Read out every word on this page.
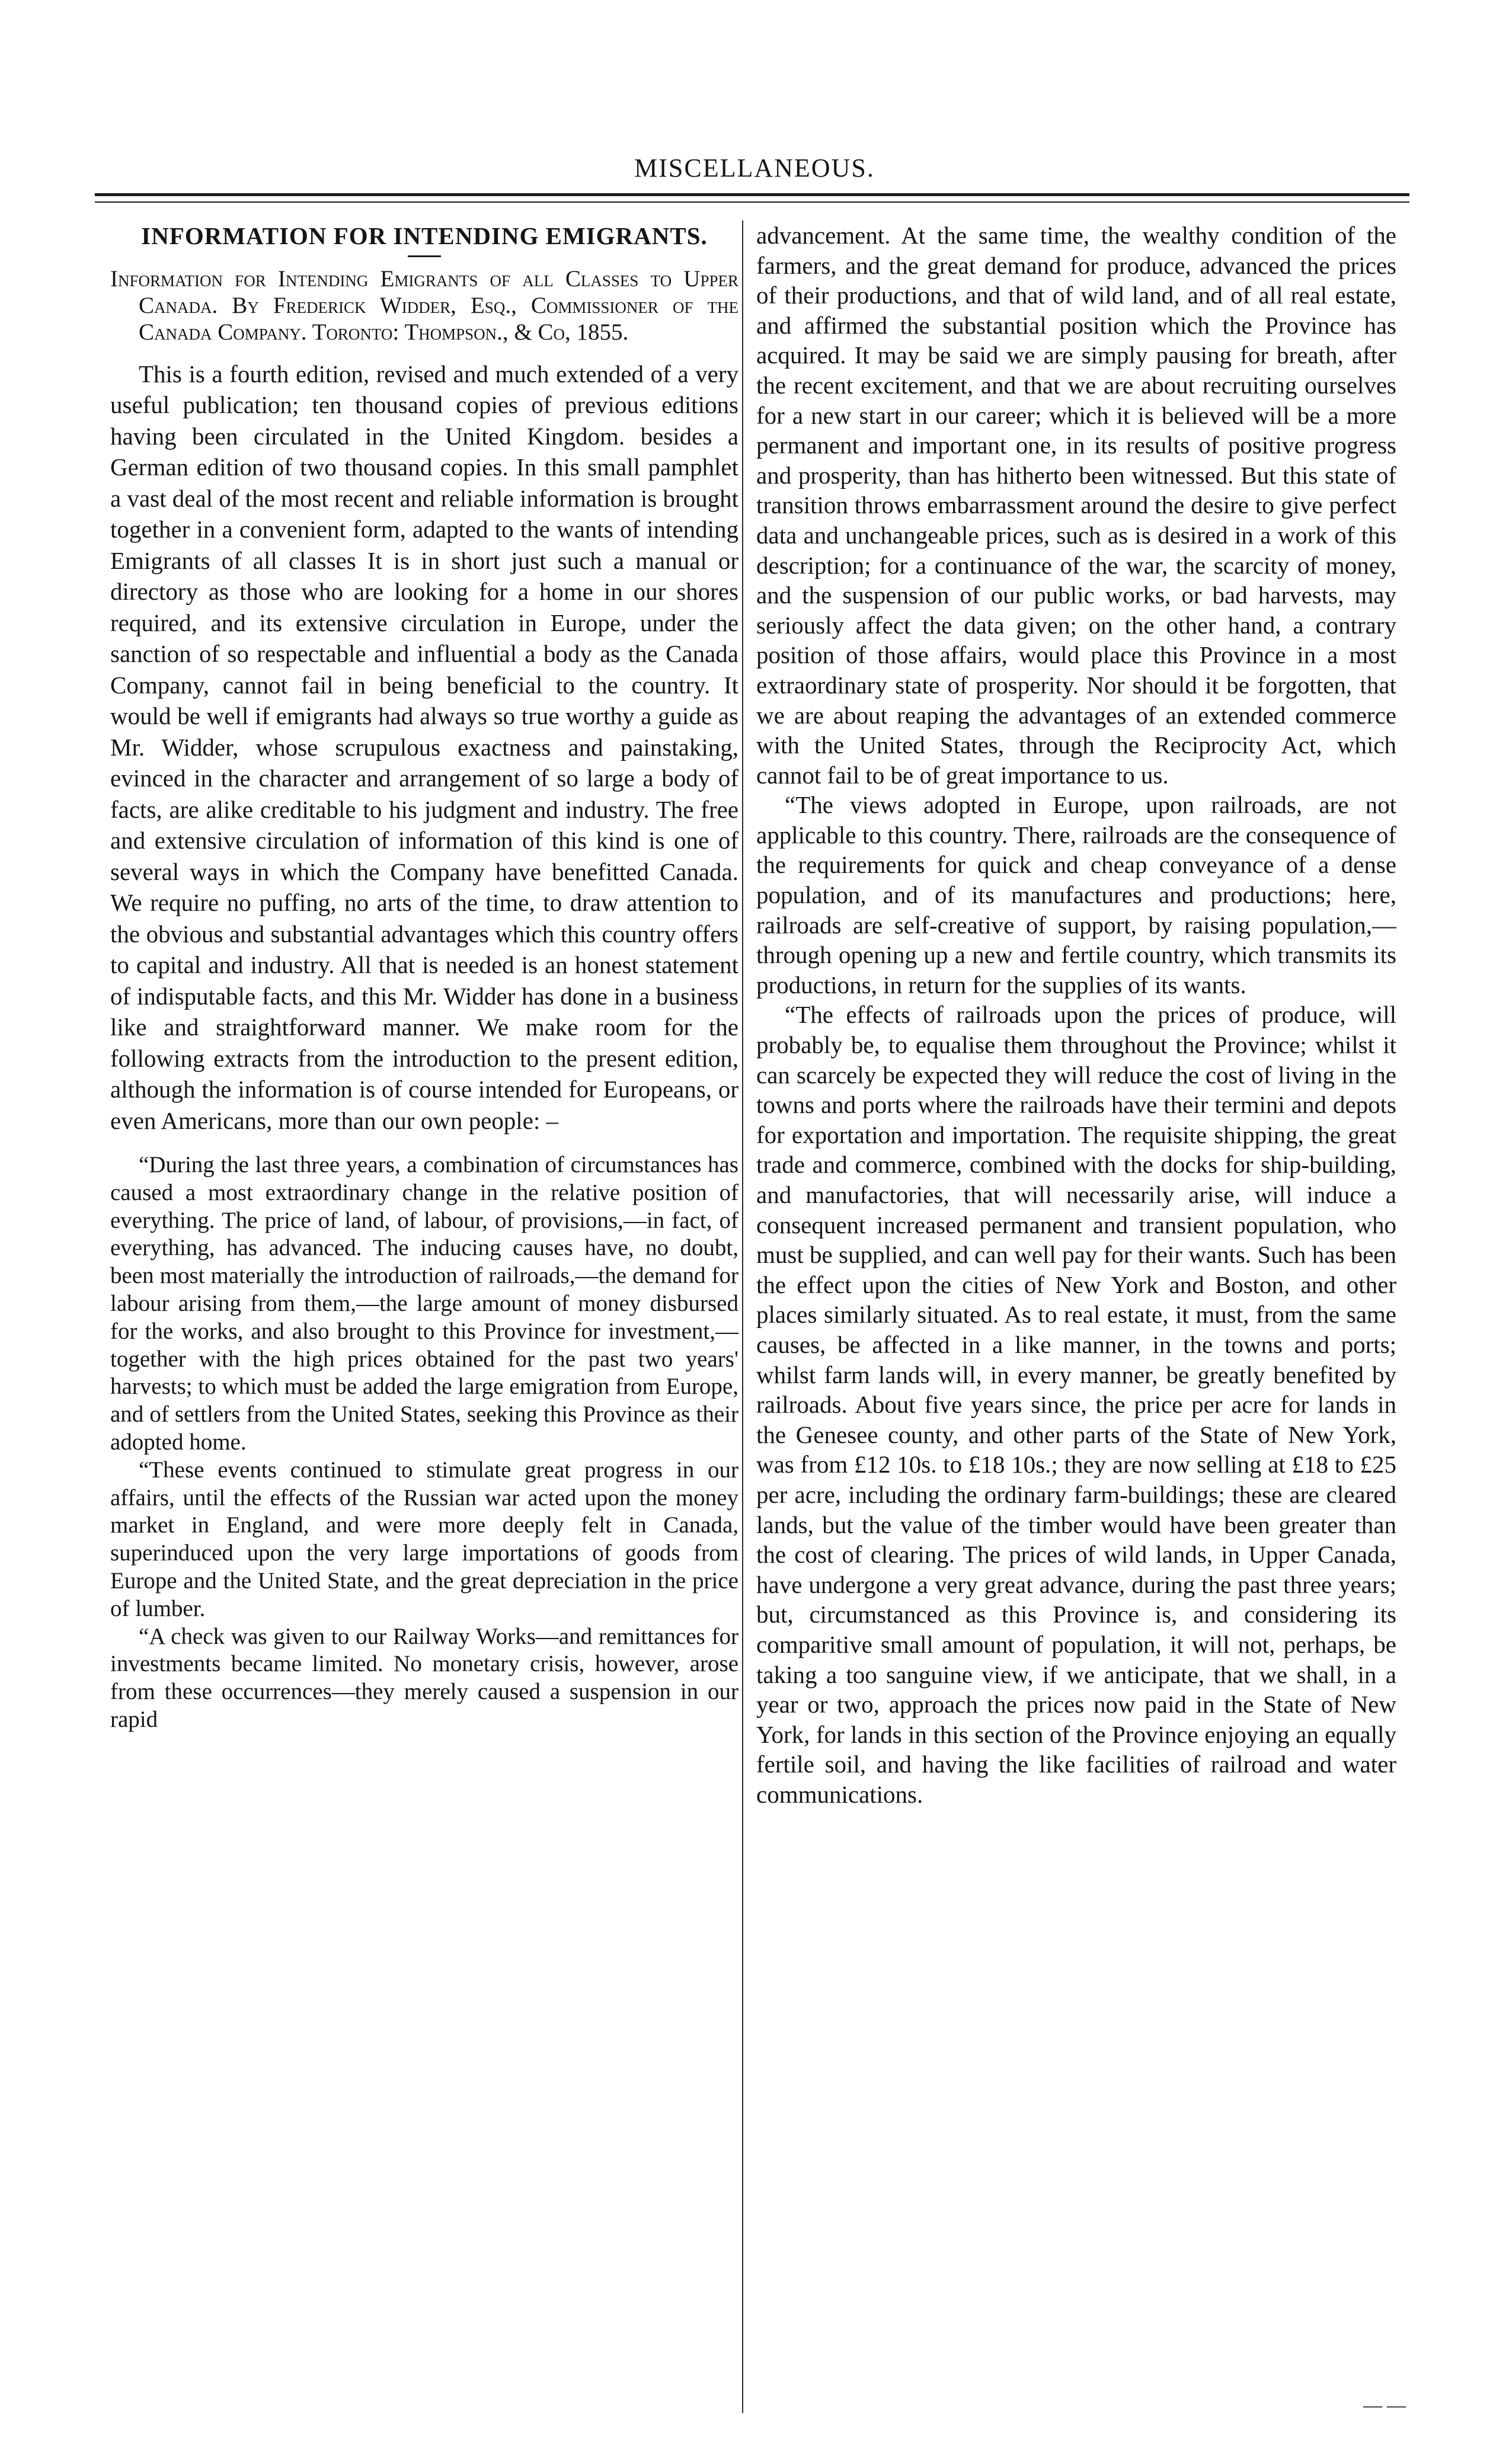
MISCELLANEOUS.

INFORMATION FOR INTENDING EMIGRANTS.

Information for Intending Emigrants of all Classes to Upper Canada. By Frederick Widder, Esq., Commissioner of the Canada Company. Toronto: Thompson., & Co, 1855.

This is a fourth edition, revised and much extended of a very useful publication; ten thousand copies of previous editions having been circulated in the United Kingdom. besides a German edition of two thousand copies. In this small pamphlet a vast deal of the most recent and reliable information is brought together in a convenient form, adapted to the wants of intending Emigrants of all classes It is in short just such a manual or directory as those who are looking for a home in our shores required, and its extensive circulation in Europe, under the sanction of so respectable and influential a body as the Canada Company, cannot fail in being beneficial to the country. It would be well if emigrants had always so true worthy a guide as Mr. Widder, whose scrupulous exactness and painstaking, evinced in the character and arrangement of so large a body of facts, are alike creditable to his judgment and industry. The free and extensive circulation of information of this kind is one of several ways in which the Company have benefitted Canada. We require no puffing, no arts of the time, to draw attention to the obvious and substantial advantages which this country offers to capital and industry. All that is needed is an honest statement of indisputable facts, and this Mr. Widder has done in a business like and straightforward manner. We make room for the following extracts from the introduction to the present edition, although the information is of course intended for Europeans, or even Americans, more than our own people: –

“During the last three years, a combination of circumstances has caused a most extraordinary change in the relative position of everything. The price of land, of labour, of provisions,—in fact, of everything, has advanced. The inducing causes have, no doubt, been most materially the introduction of railroads,—the demand for labour arising from them,—the large amount of money disbursed for the works, and also brought to this Province for investment,—together with the high prices obtained for the past two years' harvests; to which must be added the large emigration from Europe, and of settlers from the United States, seeking this Province as their adopted home.

“These events continued to stimulate great progress in our affairs, until the effects of the Russian war acted upon the money market in England, and were more deeply felt in Canada, superinduced upon the very large importations of goods from Europe and the United State, and the great depreciation in the price of lumber.

“A check was given to our Railway Works—and remittances for investments became limited. No monetary crisis, however, arose from these occurrences—they merely caused a suspension in our rapid

advancement. At the same time, the wealthy condition of the farmers, and the great demand for produce, advanced the prices of their productions, and that of wild land, and of all real estate, and affirmed the substantial position which the Province has acquired. It may be said we are simply pausing for breath, after the recent excitement, and that we are about recruiting ourselves for a new start in our career; which it is believed will be a more permanent and important one, in its results of positive progress and prosperity, than has hitherto been witnessed. But this state of transition throws embarrassment around the desire to give perfect data and unchangeable prices, such as is desired in a work of this description; for a continuance of the war, the scarcity of money, and the suspension of our public works, or bad harvests, may seriously affect the data given; on the other hand, a contrary position of those affairs, would place this Province in a most extraordinary state of prosperity. Nor should it be forgotten, that we are about reaping the advantages of an extended commerce with the United States, through the Reciprocity Act, which cannot fail to be of great importance to us.

“The views adopted in Europe, upon railroads, are not applicable to this country. There, railroads are the consequence of the requirements for quick and cheap conveyance of a dense population, and of its manufactures and productions; here, railroads are self-creative of support, by raising population,—through opening up a new and fertile country, which transmits its productions, in return for the supplies of its wants.

“The effects of railroads upon the prices of produce, will probably be, to equalise them throughout the Province; whilst it can scarcely be expected they will reduce the cost of living in the towns and ports where the railroads have their termini and depots for exportation and importation. The requisite shipping, the great trade and commerce, combined with the docks for ship-building, and manufactories, that will necessarily arise, will induce a consequent increased permanent and transient population, who must be supplied, and can well pay for their wants. Such has been the effect upon the cities of New York and Boston, and other places similarly situated. As to real estate, it must, from the same causes, be affected in a like manner, in the towns and ports; whilst farm lands will, in every manner, be greatly benefited by railroads. About five years since, the price per acre for lands in the Genesee county, and other parts of the State of New York, was from £12 10s. to £18 10s.; they are now selling at £18 to £25 per acre, including the ordinary farm-buildings; these are cleared lands, but the value of the timber would have been greater than the cost of clearing. The prices of wild lands, in Upper Canada, have undergone a very great advance, during the past three years; but, circumstanced as this Province is, and considering its comparitive small amount of population, it will not, perhaps, be taking a too sanguine view, if we anticipate, that we shall, in a year or two, approach the prices now paid in the State of New York, for lands in this section of the Province enjoying an equally fertile soil, and having the like facilities of railroad and water communications.

— —
